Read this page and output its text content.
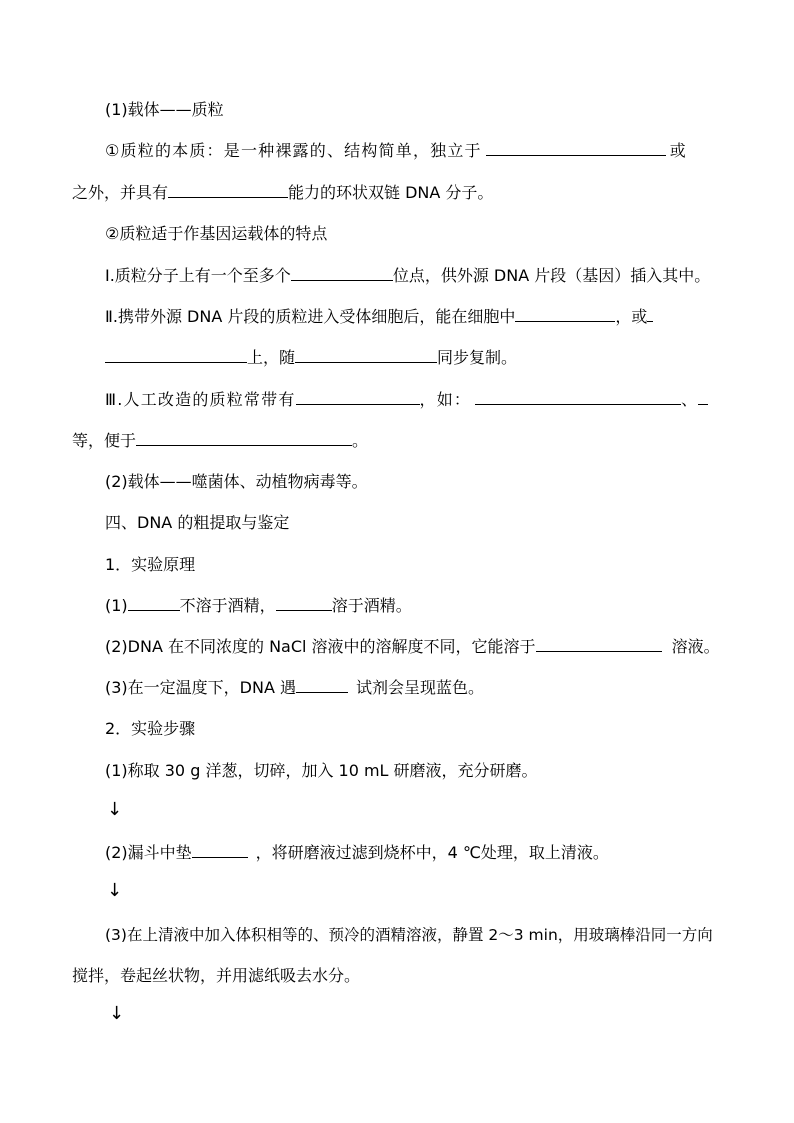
(1)载体——质粒
①质粒的本质：是一种裸露的、结构简单，独立于	或
之外，并具有	能力的环状双链 DNA 分子。
②质粒适于作基因运载体的特点
Ⅰ.质粒分子上有一个至多个	位点，供外源 DNA 片段（基因）插入其中。
Ⅱ.携带外源 DNA 片段的质粒进入受体细胞后，能在细胞中	，或
上，随	同步复制。
Ⅲ.人工改造的质粒常带有	，如：	、
等，便于	。
(2)载体——噬菌体、动植物病毒等。
四、DNA 的粗提取与鉴定
1．实验原理
(1)	不溶于酒精，	溶于酒精。
(2)DNA 在不同浓度的 NaCl 溶液中的溶解度不同，它能溶于	溶液。
(3)在一定温度下，DNA 遇	试剂会呈现蓝色。
2．实验步骤
(1)称取 30 g 洋葱，切碎，加入 10 mL 研磨液，充分研磨。
↓
(2)漏斗中垫	，将研磨液过滤到烧杯中，4 ℃处理，取上清液。
↓
(3)在上清液中加入体积相等的、预冷的酒精溶液，静置 2～3 min，用玻璃棒沿同一方向
搅拌，卷起丝状物，并用滤纸吸去水分。
↓
